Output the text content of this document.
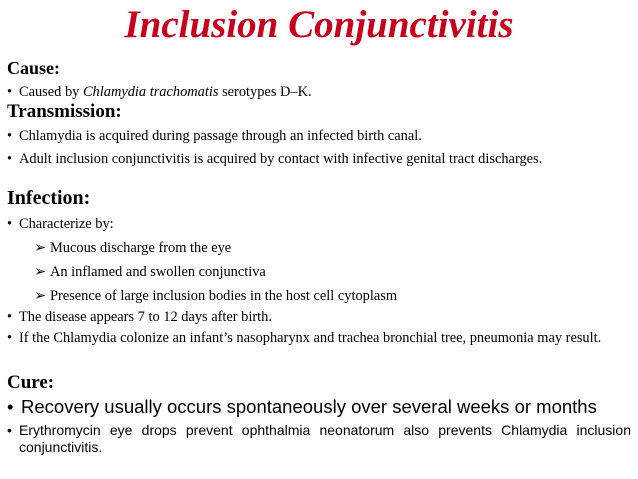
Inclusion Conjunctivitis
Cause:
• Caused by Chlamydia trachomatis serotypes D–K.
Transmission:
• Chlamydia is acquired during passage through an infected birth canal.
• Adult inclusion conjunctivitis is acquired by contact with infective genital tract discharges.
Infection:
• Characterize by:
➢ Mucous discharge from the eye
➢ An inflamed and swollen conjunctiva
➢ Presence of large inclusion bodies in the host cell cytoplasm
• The disease appears 7 to 12 days after birth.
• If the Chlamydia colonize an infant’s nasopharynx and trachea bronchial tree, pneumonia may result.
Cure:
• Recovery usually occurs spontaneously over several weeks or months
• Erythromycin eye drops prevent ophthalmia neonatorum also prevents Chlamydia inclusion conjunctivitis.
